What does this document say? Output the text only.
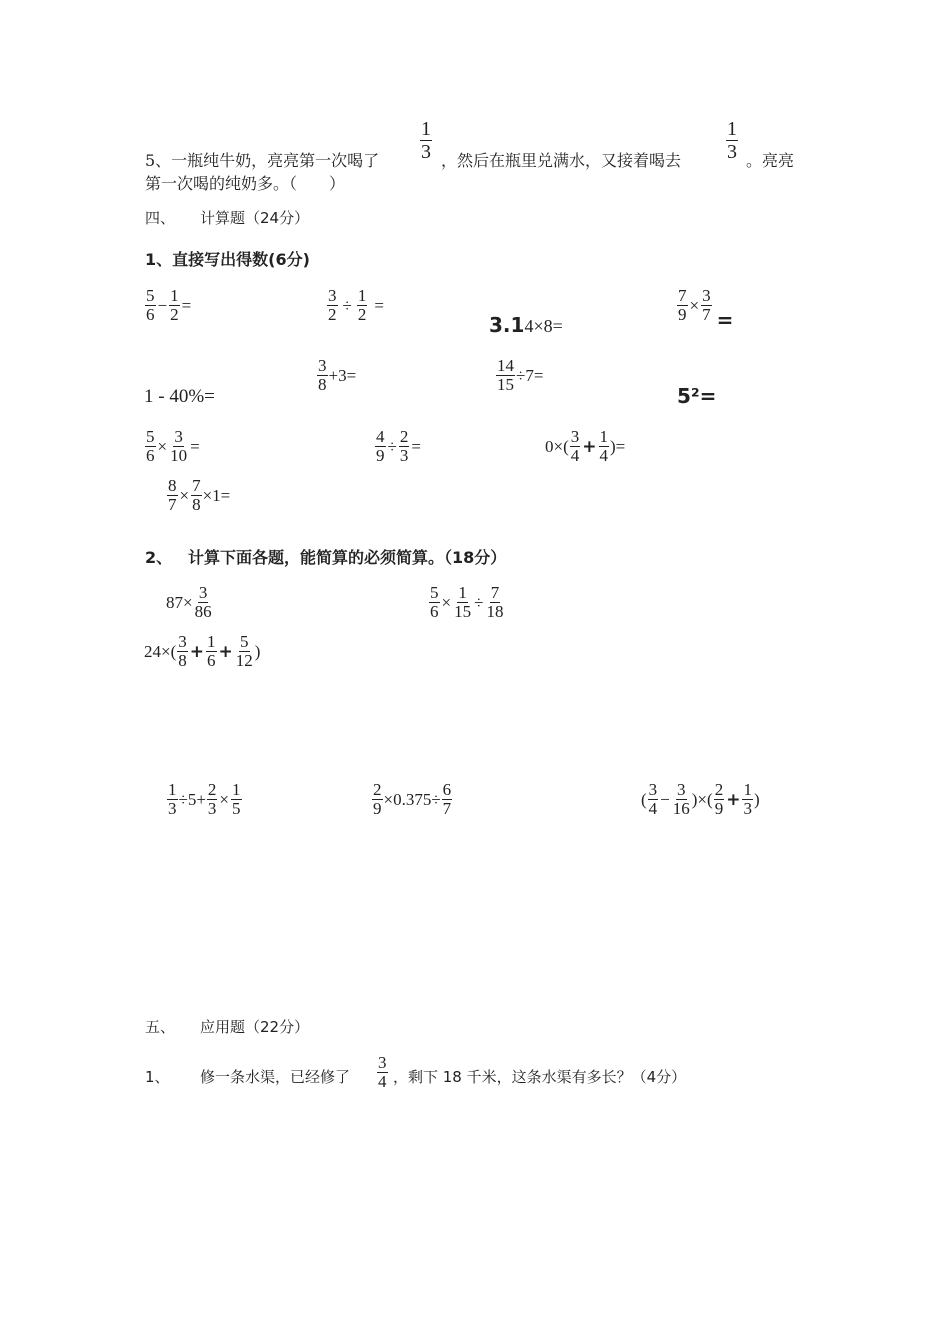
5、一瓶纯牛奶，亮亮第一次喝了 $\frac{1}{3}$ ，然后在瓶里兑满水，又接着喝去 $\frac{1}{3}$ 。亮亮
第一次喝的纯奶多。（　　）
四、 计算题（24分）
1、直接写出得数(6分)
$\frac{5}{6} - \frac{1}{2}$ =	$\frac{3}{2} \div \frac{1}{2}$ =
3.14×8=
$\frac{7}{9} \times \frac{3}{7}$ =
1 - 40%=
$\frac{3}{8} +3=$	$\frac{14}{15} \div 7=$
5²=
$\frac{5}{6} \times \frac{3}{10}$ =	$\frac{4}{9} \div \frac{2}{3}$ =	$0\times( \frac{3}{4} + \frac{1}{4}$ )=
$\frac{8}{7} \times \frac{7}{8} \times 1=$
2、 计算下面各题，能简算的必须简算。（18分）
$87\times \frac{3}{86}$	$\frac{5}{6} \times \frac{1}{15} \div \frac{7}{18}$
$24\times( \frac{3}{8} + \frac{1}{6} + \frac{5}{12}$ )
$\frac{1}{3} \div 5+ \frac{2}{3} \times \frac{1}{5}$	$\frac{2}{9} \times 0.375\div \frac{6}{7}$	( $\frac{3}{4} - \frac{3}{16}$ )×( $\frac{2}{9} + \frac{1}{3}$ )
五、 应用题（22分）
1、 修一条水渠，已经修了 $\frac{3}{4}$ ，剩下 18 千米，这条水渠有多长？（4分）
